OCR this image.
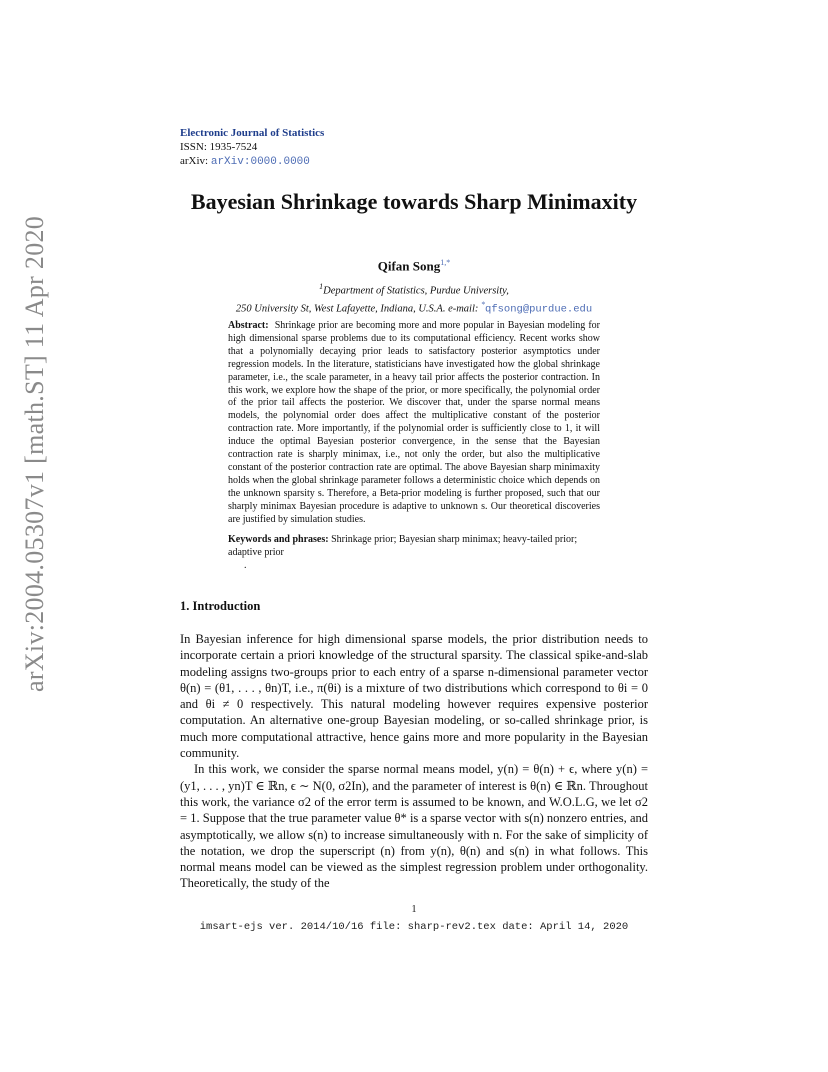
arXiv:2004.05307v1 [math.ST] 11 Apr 2020
Electronic Journal of Statistics
ISSN: 1935-7524
arXiv: arXiv:0000.0000
Bayesian Shrinkage towards Sharp Minimaxity
Qifan Song$^{1,*}$
$^1$Department of Statistics, Purdue University,
250 University St, West Lafayette, Indiana, U.S.A. e-mail: *qfsong@purdue.edu
Abstract: Shrinkage prior are becoming more and more popular in Bayesian modeling for high dimensional sparse problems due to its computational efficiency. Recent works show that a polynomially decaying prior leads to satisfactory posterior asymptotics under regression models. In the literature, statisticians have investigated how the global shrinkage parameter, i.e., the scale parameter, in a heavy tail prior affects the posterior contraction. In this work, we explore how the shape of the prior, or more specifically, the polynomial order of the prior tail affects the posterior. We discover that, under the sparse normal means models, the polynomial order does affect the multiplicative constant of the posterior contraction rate. More importantly, if the polynomial order is sufficiently close to 1, it will induce the optimal Bayesian posterior convergence, in the sense that the Bayesian contraction rate is sharply minimax, i.e., not only the order, but also the multiplicative constant of the posterior contraction rate are optimal. The above Bayesian sharp minimaxity holds when the global shrinkage parameter follows a deterministic choice which depends on the unknown sparsity s. Therefore, a Beta-prior modeling is further proposed, such that our sharply minimax Bayesian procedure is adaptive to unknown s. Our theoretical discoveries are justified by simulation studies.
Keywords and phrases: Shrinkage prior; Bayesian sharp minimax; heavy-tailed prior; adaptive prior
.
1. Introduction

In Bayesian inference for high dimensional sparse models, the prior distribution needs to incorporate certain a priori knowledge of the structural sparsity. The classical spike-and-slab modeling assigns two-groups prior to each entry of a sparse n-dimensional parameter vector θ(n) = (θ1, . . . , θn)T, i.e., π(θi) is a mixture of two distributions which correspond to θi = 0 and θi ≠ 0 respectively. This natural modeling however requires expensive posterior computation. An alternative one-group Bayesian modeling, or so-called shrinkage prior, is much more computational attractive, hence gains more and more popularity in the Bayesian community.

In this work, we consider the sparse normal means model, y(n) = θ(n) + ϵ, where y(n) = (y1, . . . , yn)T ∈ ℝn, ϵ ∼ N(0, σ2In), and the parameter of interest is θ(n) ∈ ℝn. Throughout this work, the variance σ2 of the error term is assumed to be known, and W.O.L.G, we let σ2 = 1. Suppose that the true parameter value θ* is a sparse vector with s(n) nonzero entries, and asymptotically, we allow s(n) to increase simultaneously with n. For the sake of simplicity of the notation, we drop the superscript (n) from y(n), θ(n) and s(n) in what follows. This normal means model can be viewed as the simplest regression problem under orthogonality. Theoretically, the study of the

1
imsart-ejs ver. 2014/10/16 file: sharp-rev2.tex date: April 14, 2020
